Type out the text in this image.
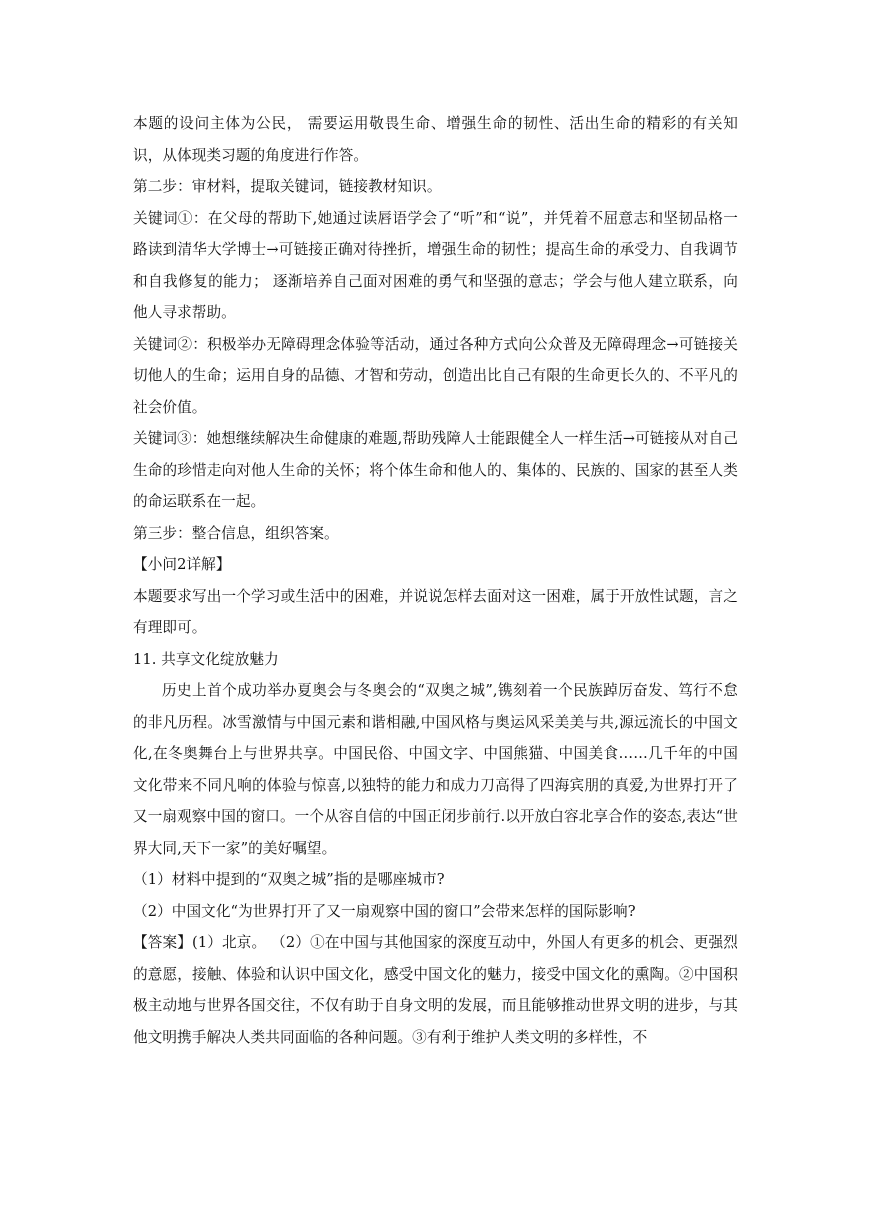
本题的设问主体为公民， 需要运用敬畏生命、增强生命的韧性、活出生命的精彩的有关知识，从体现类习题的角度进行作答。

第二步：审材料，提取关键词，链接教材知识。

关键词①：在父母的帮助下,她通过读唇语学会了“听”和“说”，并凭着不屈意志和坚韧品格一路读到清华大学博士→可链接正确对待挫折，增强生命的韧性；提高生命的承受力、自我调节和自我修复的能力； 逐渐培养自己面对困难的勇气和坚强的意志；学会与他人建立联系，向他人寻求帮助。

关键词②：积极举办无障碍理念体验等活动，通过各种方式向公众普及无障碍理念→可链接关切他人的生命；运用自身的品德、才智和劳动，创造出比自己有限的生命更长久的、不平凡的社会价值。

关键词③：她想继续解决生命健康的难题,帮助残障人士能跟健全人一样生活→可链接从对自己生命的珍惜走向对他人生命的关怀；将个体生命和他人的、集体的、民族的、国家的甚至人类的命运联系在一起。

第三步：整合信息，组织答案。

【小问2详解】

本题要求写出一个学习或生活中的困难，并说说怎样去面对这一困难，属于开放性试题，言之有理即可。

11. 共享文化绽放魅力

历史上首个成功举办夏奥会与冬奥会的“双奥之城”,镌刻着一个民族踔厉奋发、笃行不怠的非凡历程。冰雪激情与中国元素和谐相融,中国风格与奥运风采美美与共,源远流长的中国文化,在冬奥舞台上与世界共享。中国民俗、中国文字、中国熊猫、中国美食……几千年的中国文化带来不同凡响的体验与惊喜,以独特的能力和成力刀高得了四海宾朋的真爱,为世界打开了又一扇观察中国的窗口。一个从容自信的中国正闭步前行.以开放白容北享合作的姿态,表达“世界大同,天下一家”的美好嘱望。

（1）材料中提到的“双奥之城”指的是哪座城市?

（2）中国文化“为世界打开了又一扇观察中国的窗口”会带来怎样的国际影响?

【答案】(1）北京。 （2）①在中国与其他国家的深度互动中，外国人有更多的机会、更强烈的意愿，接触、体验和认识中国文化，感受中国文化的魅力，接受中国文化的熏陶。②中国积极主动地与世界各国交往，不仅有助于自身文明的发展，而且能够推动世界文明的进步，与其他文明携手解决人类共同面临的各种问题。③有利于维护人类文明的多样性，不
